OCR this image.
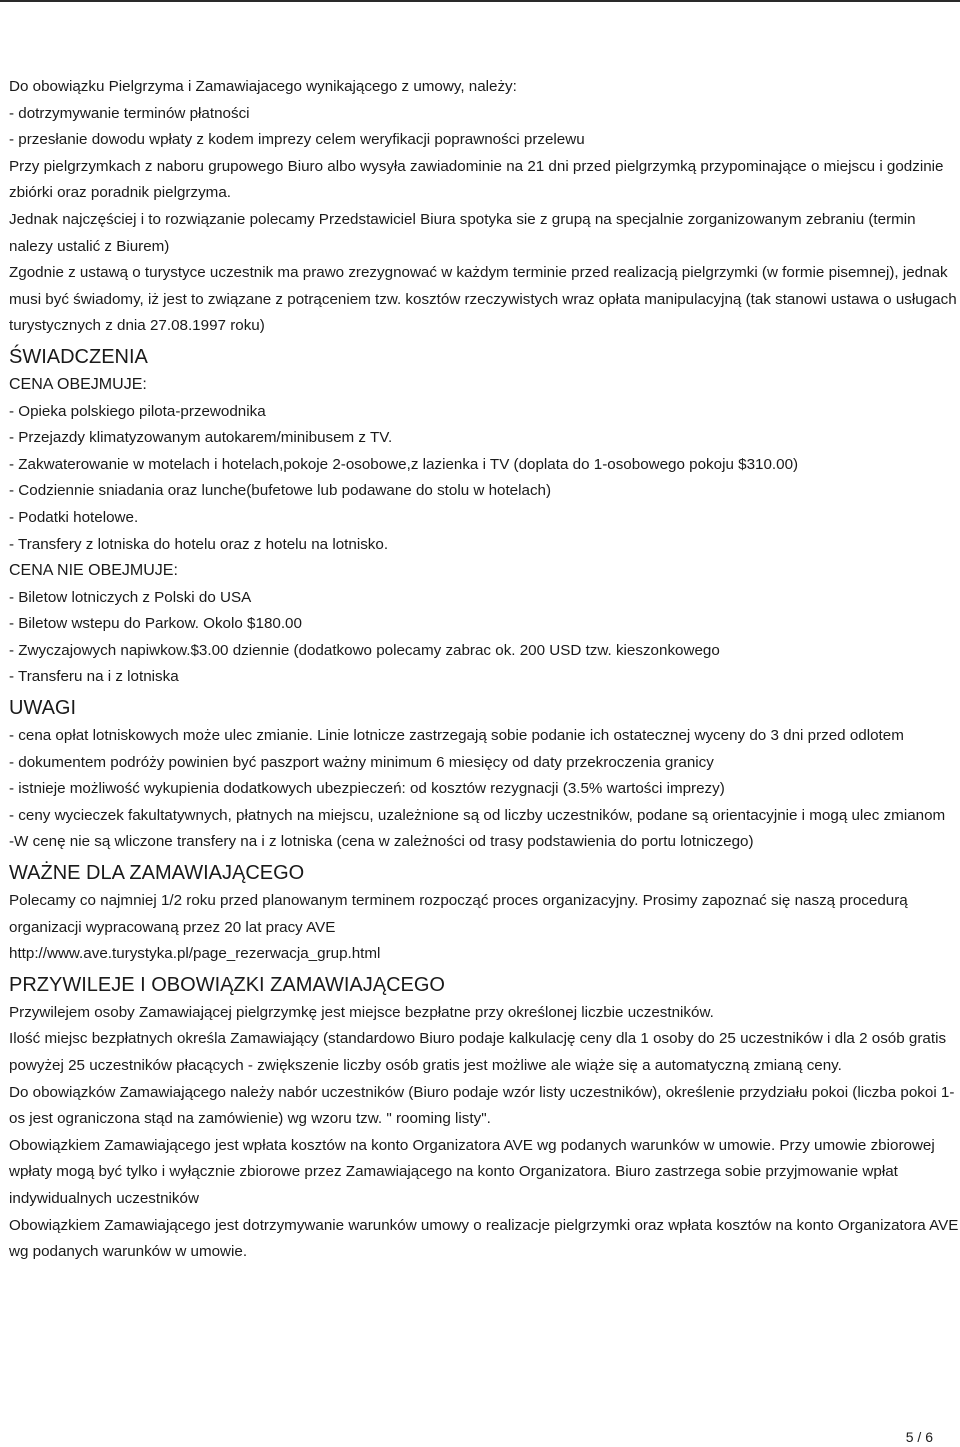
Do obowiązku Pielgrzyma i Zamawiajacego wynikającego z umowy, należy:

- dotrzymywanie terminów płatności

- przesłanie dowodu wpłaty z kodem imprezy celem weryfikacji poprawności przelewu

Przy pielgrzymkach z naboru grupowego Biuro albo wysyła zawiadominie na 21 dni przed pielgrzymką przypominające o miejscu i godzinie zbiórki oraz poradnik pielgrzyma.

Jednak najczęściej i to rozwiązanie polecamy Przedstawiciel Biura spotyka sie z grupą na specjalnie zorganizowanym zebraniu (termin nalezy ustalić z Biurem)

Zgodnie z ustawą o turystyce uczestnik ma prawo zrezygnować w każdym terminie przed realizacją pielgrzymki (w formie pisemnej), jednak musi być świadomy, iż jest to związane z potrąceniem tzw. kosztów rzeczywistych wraz opłata manipulacyjną (tak stanowi ustawa o usługach turystycznych z dnia 27.08.1997 roku)

ŚWIADCZENIA

CENA OBEJMUJE:

- Opieka polskiego pilota-przewodnika

- Przejazdy klimatyzowanym autokarem/minibusem z TV.

- Zakwaterowanie w motelach i hotelach,pokoje 2-osobowe,z lazienka i TV (doplata do 1-osobowego pokoju $310.00)

- Codziennie sniadania oraz lunche(bufetowe lub podawane do stolu w hotelach)

- Podatki hotelowe.

- Transfery z lotniska do hotelu oraz z hotelu na lotnisko.

CENA NIE OBEJMUJE:

- Biletow lotniczych z Polski do USA

- Biletow wstepu do Parkow. Okolo $180.00

- Zwyczajowych napiwkow.$3.00 dziennie (dodatkowo polecamy zabrac ok. 200 USD tzw. kieszonkowego

- Transferu na i z lotniska

UWAGI

- cena opłat lotniskowych może ulec zmianie. Linie lotnicze zastrzegają sobie podanie ich ostatecznej wyceny do 3 dni przed odlotem

- dokumentem podróży powinien być paszport ważny minimum 6 miesięcy od daty przekroczenia granicy

- istnieje możliwość wykupienia dodatkowych ubezpieczeń: od kosztów rezygnacji (3.5% wartości imprezy)

- ceny wycieczek fakultatywnych, płatnych na miejscu, uzależnione są od liczby uczestników, podane są orientacyjnie i mogą ulec zmianom

-W cenę nie są wliczone transfery na i z lotniska (cena w zależności od trasy podstawienia do portu lotniczego)

WAŻNE DLA ZAMAWIAJĄCEGO

Polecamy co najmniej 1/2 roku przed planowanym terminem rozpocząć proces organizacyjny. Prosimy zapoznać się naszą procedurą organizacji wypracowaną przez 20 lat pracy AVE

http://www.ave.turystyka.pl/page_rezerwacja_grup.html

PRZYWILEJE I OBOWIĄZKI ZAMAWIAJĄCEGO

Przywilejem osoby Zamawiającej pielgrzymkę jest miejsce bezpłatne przy określonej liczbie uczestników.

Ilość miejsc bezpłatnych określa Zamawiający (standardowo Biuro podaje kalkulację ceny dla 1 osoby do 25 uczestników i dla 2 osób gratis powyżej 25 uczestników płacących - zwiększenie liczby osób gratis jest możliwe ale wiąże się a automatyczną zmianą ceny.

Do obowiązków Zamawiającego należy nabór uczestników (Biuro podaje wzór listy uczestników), określenie przydziału pokoi (liczba pokoi 1-os jest ograniczona stąd na zamówienie) wg wzoru tzw. " rooming listy".

Obowiązkiem Zamawiającego jest wpłata kosztów na konto Organizatora AVE wg podanych warunków w umowie. Przy umowie zbiorowej wpłaty mogą być tylko i wyłącznie zbiorowe przez Zamawiającego na konto Organizatora. Biuro zastrzega sobie przyjmowanie wpłat indywidualnych uczestników

Obowiązkiem Zamawiającego jest dotrzymywanie warunków umowy o realizacje pielgrzymki oraz wpłata kosztów na konto Organizatora AVE wg podanych warunków w umowie.

5 / 6
